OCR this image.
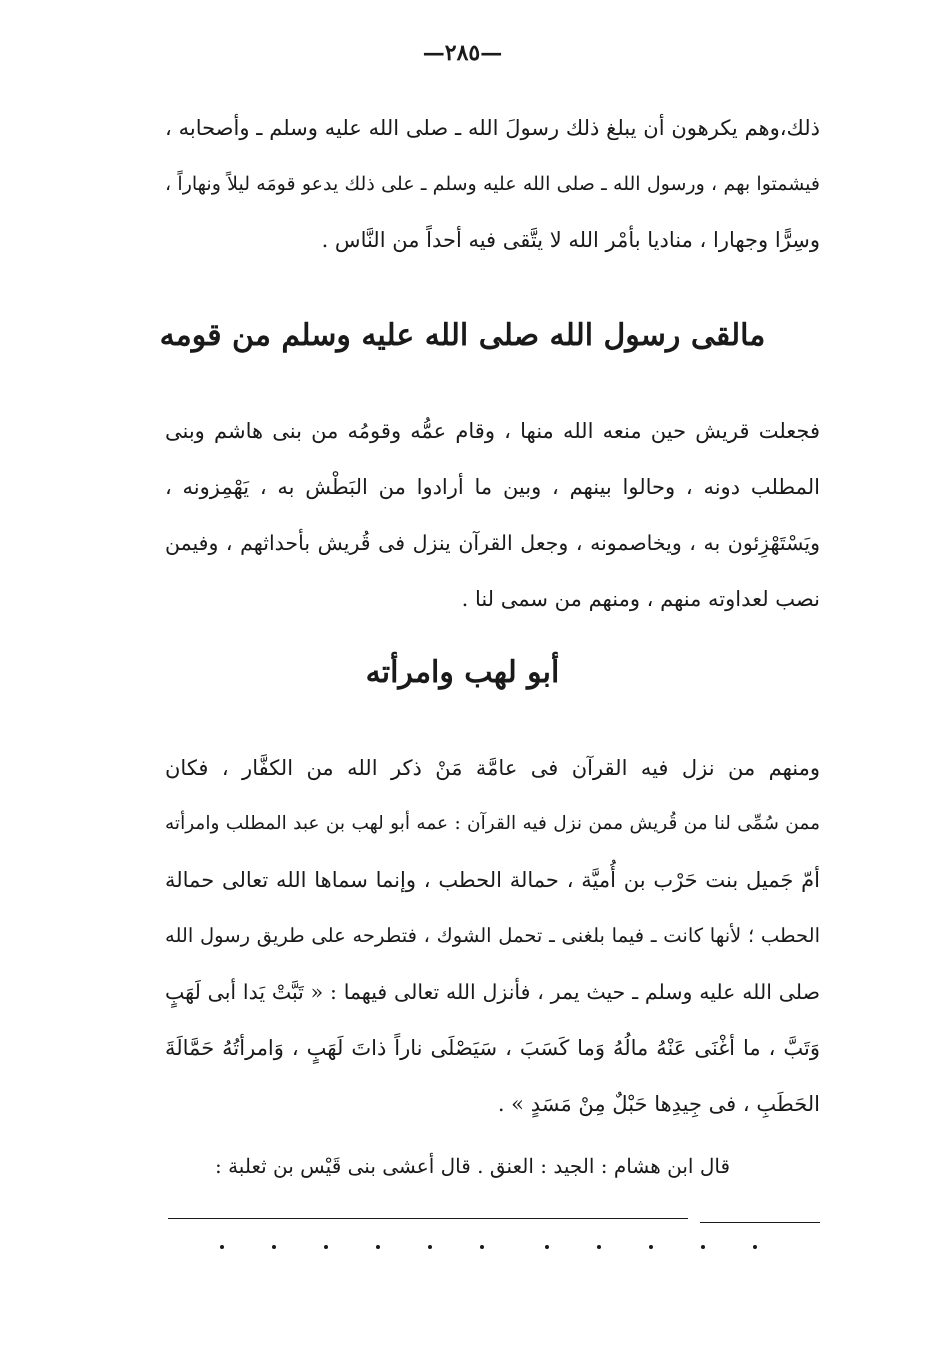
—٢٨٥—
ذلك،وهم يكرهون أن يبلغ ذلك رسولَ الله ـ صلى الله عليه وسلم ـ وأصحابه ،
فيشمتوا بهم ، ورسول الله ـ صلى الله عليه وسلم ـ على ذلك يدعو قومَه ليلاً ونهاراً ،
وسِرًّا وجهارا ، مناديا بأمْر الله لا يتَّقى فيه أحداً من النَّاس .
مالقى رسول الله صلى الله عليه وسلم من قومه
فجعلت قريش حين منعه الله منها ، وقام عمُّه وقومُه من بنى هاشم وبنى
المطلب دونه ، وحالوا بينهم ، وبين ما أرادوا من البَطْش به ، يَهْمِزونه ،
ويَسْتَهْزِئون به ، ويخاصمونه ، وجعل القرآن ينزل فى قُريش بأحداثهم ، وفيمن
نصب لعداوته منهم ، ومنهم من سمى لنا .
أبو لهب وامرأته
ومنهم من نزل فيه القرآن فى عامَّة مَنْ ذكر الله من الكفَّار ، فكان
ممن سُمِّى لنا من قُريش ممن نزل فيه القرآن : عمه أبو لهب بن عبد المطلب وامرأته
أمّ جَميل بنت حَرْب بن أُميَّة ، حمالة الحطب ، وإنما سماها الله تعالى حمالة
الحطب ؛ لأنها كانت ـ فيما بلغنى ـ تحمل الشوك ، فتطرحه على طريق رسول الله
صلى الله عليه وسلم ـ حيث يمر ، فأنزل الله تعالى فيهما : « تَبَّتْ يَدا أبى لَهَبٍ
وَتَبَّ ، ما أغْنَى عَنْهُ مالُهُ وَما كَسَبَ ، سَيَصْلَى ناراً ذاتَ لَهَبٍ ، وَامرأتُهُ حَمَّالَةَ
الحَطَبِ ، فى جِيدِها حَبْلٌ مِنْ مَسَدٍ » .
قال ابن هشام : الجيد : العنق . قال أعشى بنى قَيْس بن ثعلبة :
